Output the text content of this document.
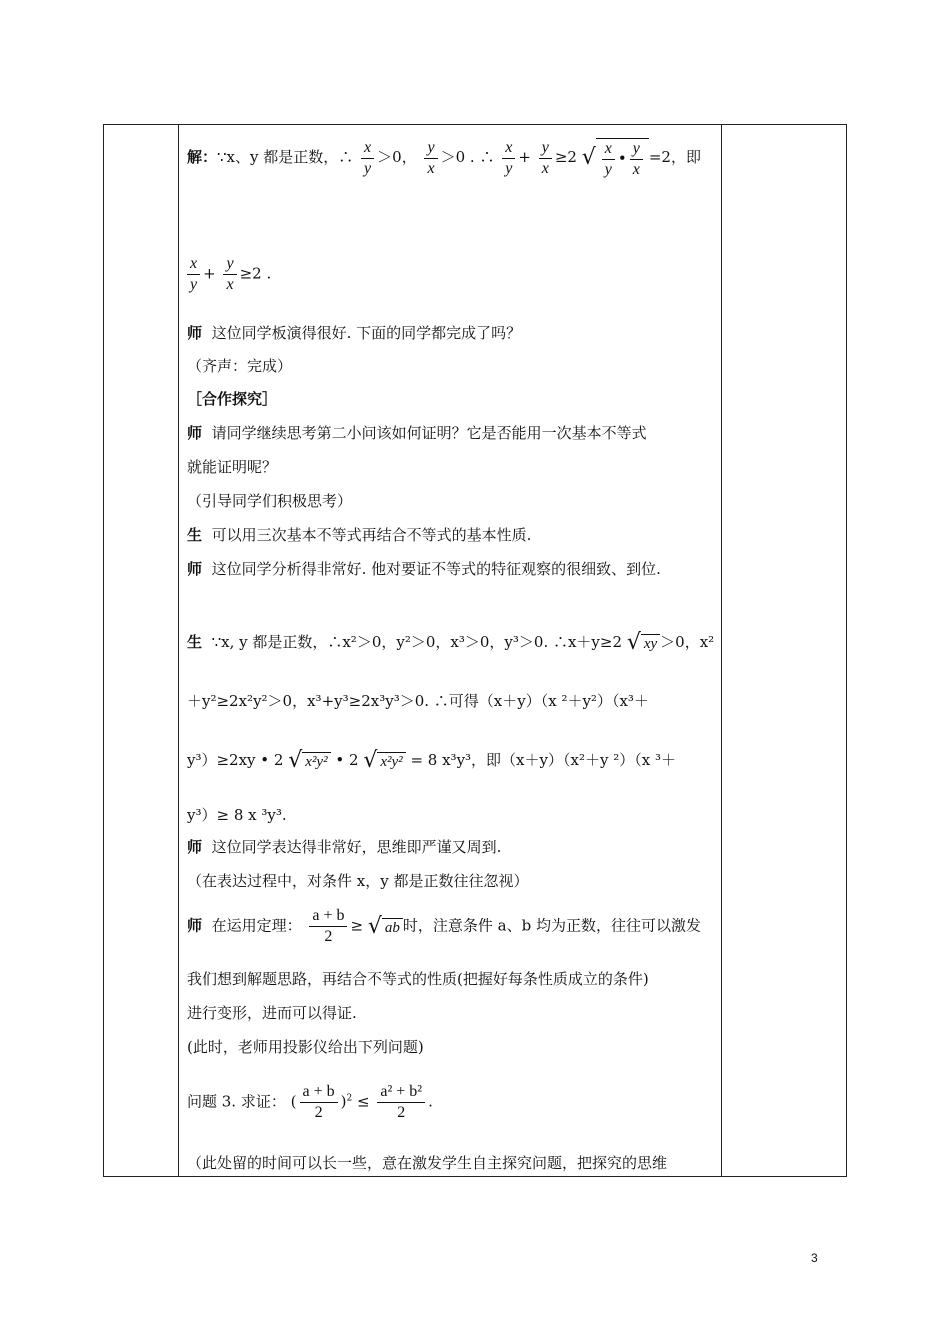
解：∵x、y 都是正数，∴ $\frac{x}{y} >0$， $\frac{y}{x} >0$ . ∴ $\frac{x}{y} + \frac{y}{x} \ge 2$ √ $\frac{x}{y}$ • $\frac{y}{x} =2$，即
$\frac{x}{y} + \frac{y}{x} \ge 2$ .
师 这位同学板演得很好. 下面的同学都完成了吗？
（齐声：完成）
［合作探究］
师 请同学继续思考第二小问该如何证明？它是否能用一次基本不等式
就能证明呢？
（引导同学们积极思考）
生 可以用三次基本不等式再结合不等式的基本性质.
师 这位同学分析得非常好. 他对要证不等式的特征观察的很细致、到位.
生 ∵x, y 都是正数，∴x²＞0，y²＞0，x³＞0，y³＞0. ∴x＋y≥2 √ xy ＞0，x²
＋y²≥2x²y²＞0，x³+y³≥2x³y³＞0. ∴可得（x＋y）（x ²＋y²）（x³＋
y³）≥2xy • 2 √ x²y² • 2 √ x²y² = 8 x³y³，即（x＋y）（x²＋y ²）（x ³＋
y³）≥ 8 x ³y³.
师 这位同学表达得非常好，思维即严谨又周到.
（在表达过程中，对条件 x，y 都是正数往往忽视）
师 在运用定理： $\frac{a + b}{2}$ ≥ √ ab 时，注意条件 a、b 均为正数，往往可以激发
我们想到解题思路，再结合不等式的性质(把握好每条性质成立的条件)
进行变形，进而可以得证.
(此时，老师用投影仪给出下列问题)
问题 3. 求证： ( $\frac{a + b}{2} )^2 \le \frac{\text{a² + b²}}{2}$ .
（此处留的时间可以长一些，意在激发学生自主探究问题，把探究的思维
3
